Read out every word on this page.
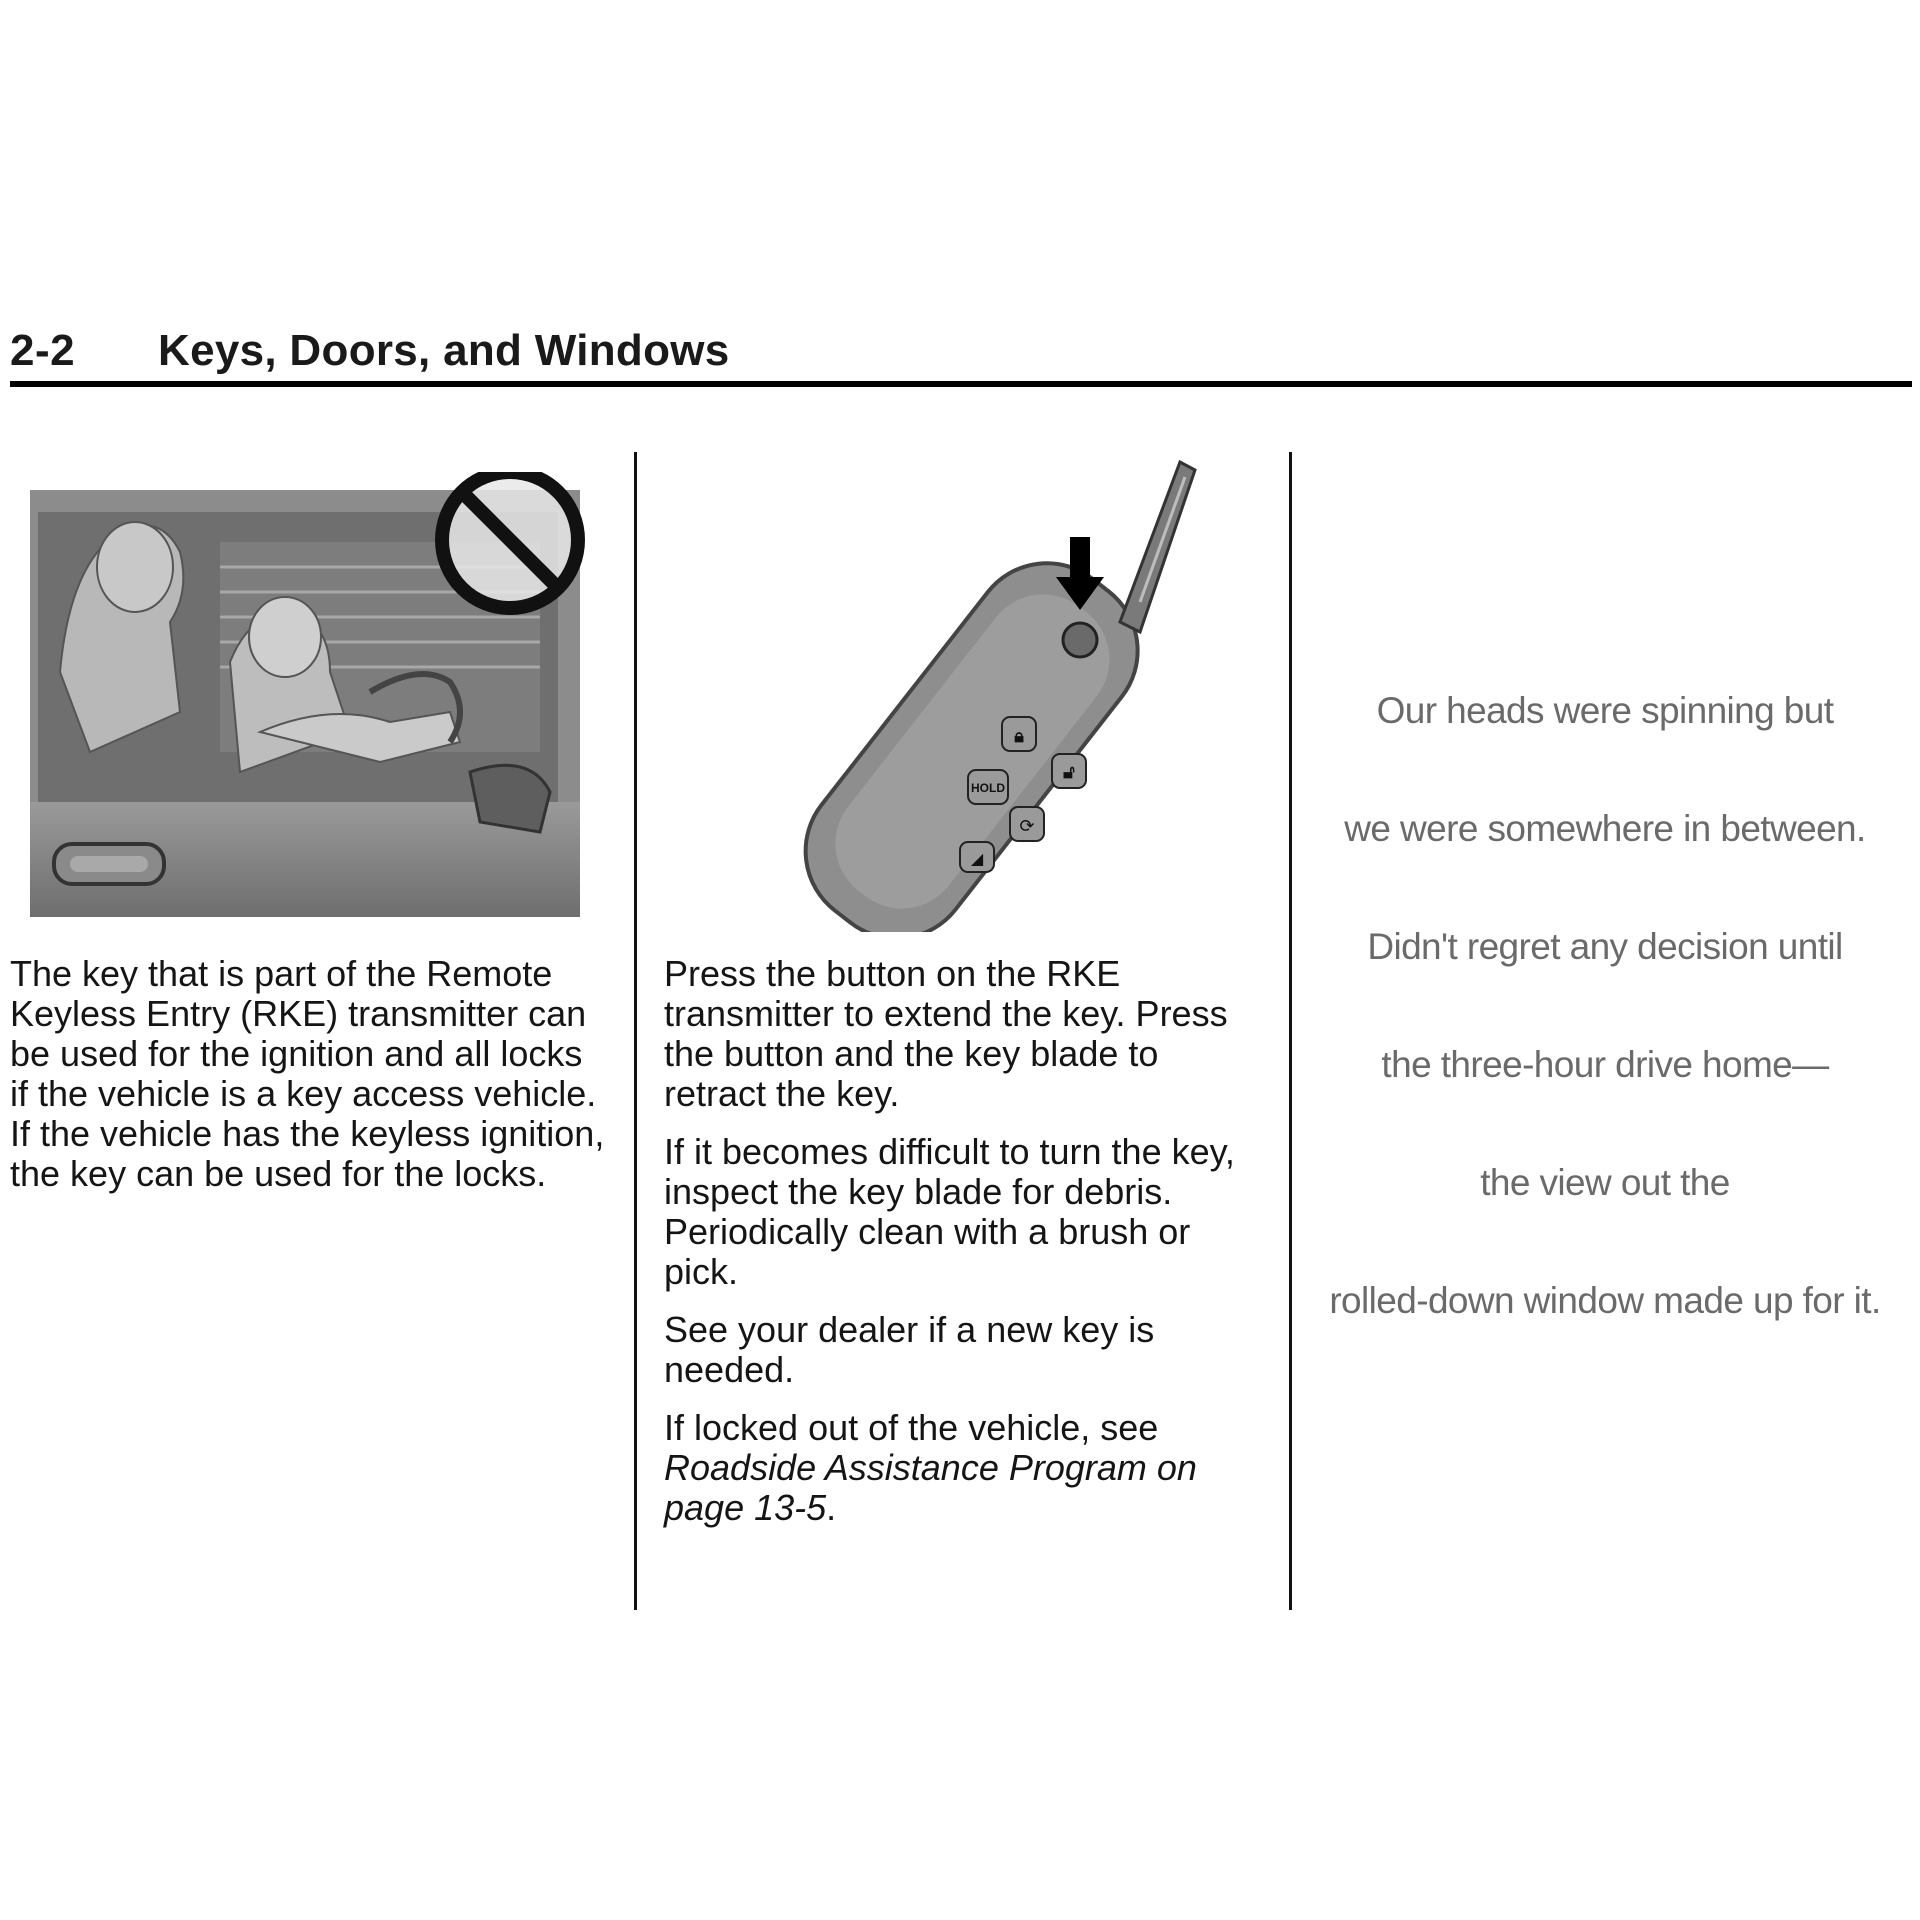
2-2 Keys, Doors, and Windows
🔒︎
🔓︎
HOLD
⟳
◢

The key that is part of the Remote Keyless Entry (RKE) transmitter can be used for the ignition and all locks if the vehicle is a key access vehicle. If the vehicle has the keyless ignition, the key can be used for the locks.

Press the button on the RKE transmitter to extend the key. Press the button and the key blade to retract the key.

If it becomes difficult to turn the key, inspect the key blade for debris. Periodically clean with a brush or pick.

See your dealer if a new key is needed.

If locked out of the vehicle, see Roadside Assistance Program on page 13-5.

Our heads were spinning but
we were somewhere in between.
Didn't regret any decision until
the three-hour drive home—
the view out the
rolled-down window made up for it.
